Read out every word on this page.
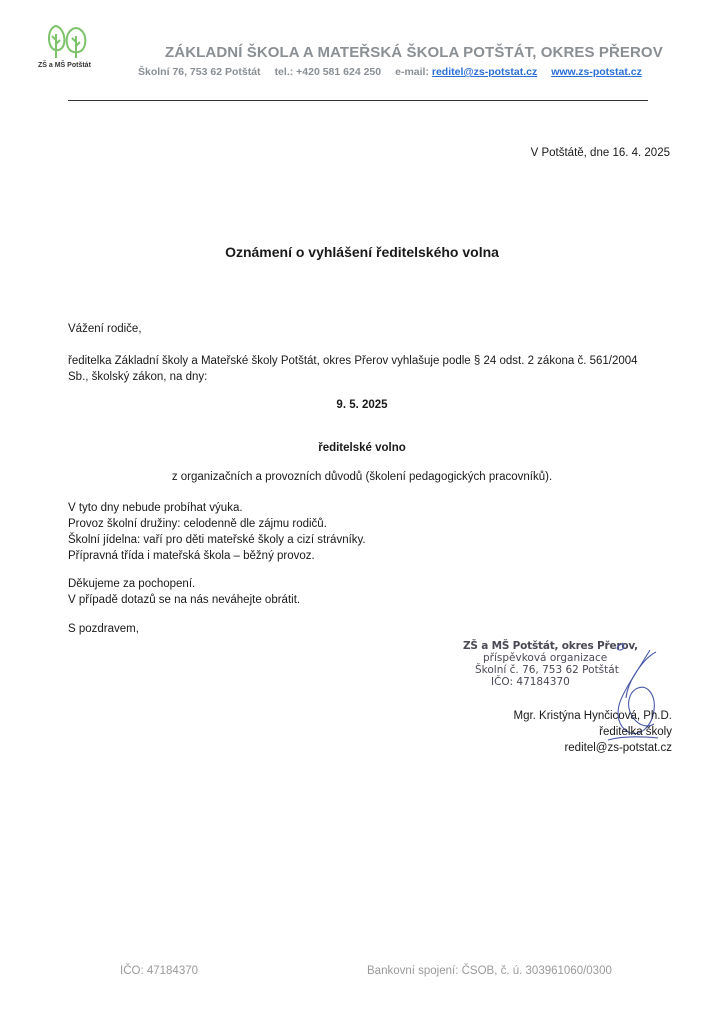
ZŠ a MŠ Potštát
ZÁKLADNÍ ŠKOLA A MATEŘSKÁ ŠKOLA POTŠTÁT, OKRES PŘEROV
Školní 76, 753 62 Potštát tel.: +420 581 624 250 e-mail: reditel@zs-potstat.cz www.zs-potstat.cz
V Potštátě, dne 16. 4. 2025
Oznámení o vyhlášení ředitelského volna
Vážení rodiče,
ředitelka Základní školy a Mateřské školy Potštát, okres Přerov vyhlašuje podle § 24 odst. 2 zákona č. 561/2004
Sb., školský zákon, na dny:
9. 5. 2025
ředitelské volno
z organizačních a provozních důvodů (školení pedagogických pracovníků).
V tyto dny nebude probíhat výuka.
Provoz školní družiny: celodenně dle zájmu rodičů.
Školní jídelna: vaří pro děti mateřské školy a cizí strávníky.
Přípravná třída i mateřská škola – běžný provoz.
Děkujeme za pochopení.
V případě dotazů se na nás neváhejte obrátit.
S pozdravem,
ZŠ a MŠ Potštát, okres Přerov,
příspěvková organizace
Školní č. 76, 753 62 Potštát
IČO: 47184370
Mgr. Kristýna Hynčicová, Ph.D.
ředitelka školy
reditel@zs-potstat.cz
IČO: 47184370	Bankovní spojení: ČSOB, č. ú. 303961060/0300
